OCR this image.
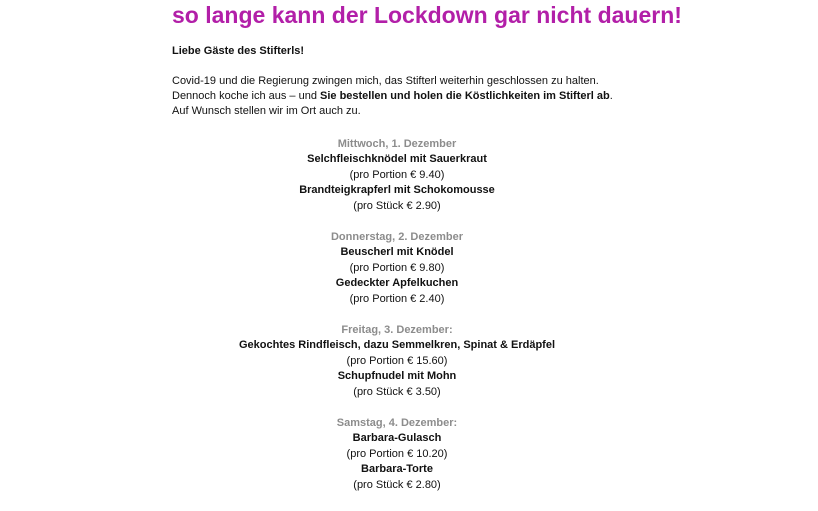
so lange kann der Lockdown gar nicht dauern!
Liebe Gäste des Stifterls!
Covid-19 und die Regierung zwingen mich, das Stifterl weiterhin geschlossen zu halten.
Dennoch koche ich aus – und Sie bestellen und holen die Köstlichkeiten im Stifterl ab.
Auf Wunsch stellen wir im Ort auch zu.
Mittwoch, 1. Dezember
Selchfleischknödel mit Sauerkraut
(pro Portion € 9.40)
Brandteigkrapferl mit Schokomousse
(pro Stück € 2.90)
Donnerstag, 2. Dezember
Beuscherl mit Knödel
(pro Portion € 9.80)
Gedeckter Apfelkuchen
(pro Portion € 2.40)
Freitag, 3. Dezember:
Gekochtes Rindfleisch, dazu Semmelkren, Spinat & Erdäpfel
(pro Portion € 15.60)
Schupfnudel mit Mohn
(pro Stück € 3.50)
Samstag, 4. Dezember:
Barbara-Gulasch
(pro Portion € 10.20)
Barbara-Torte
(pro Stück € 2.80)
